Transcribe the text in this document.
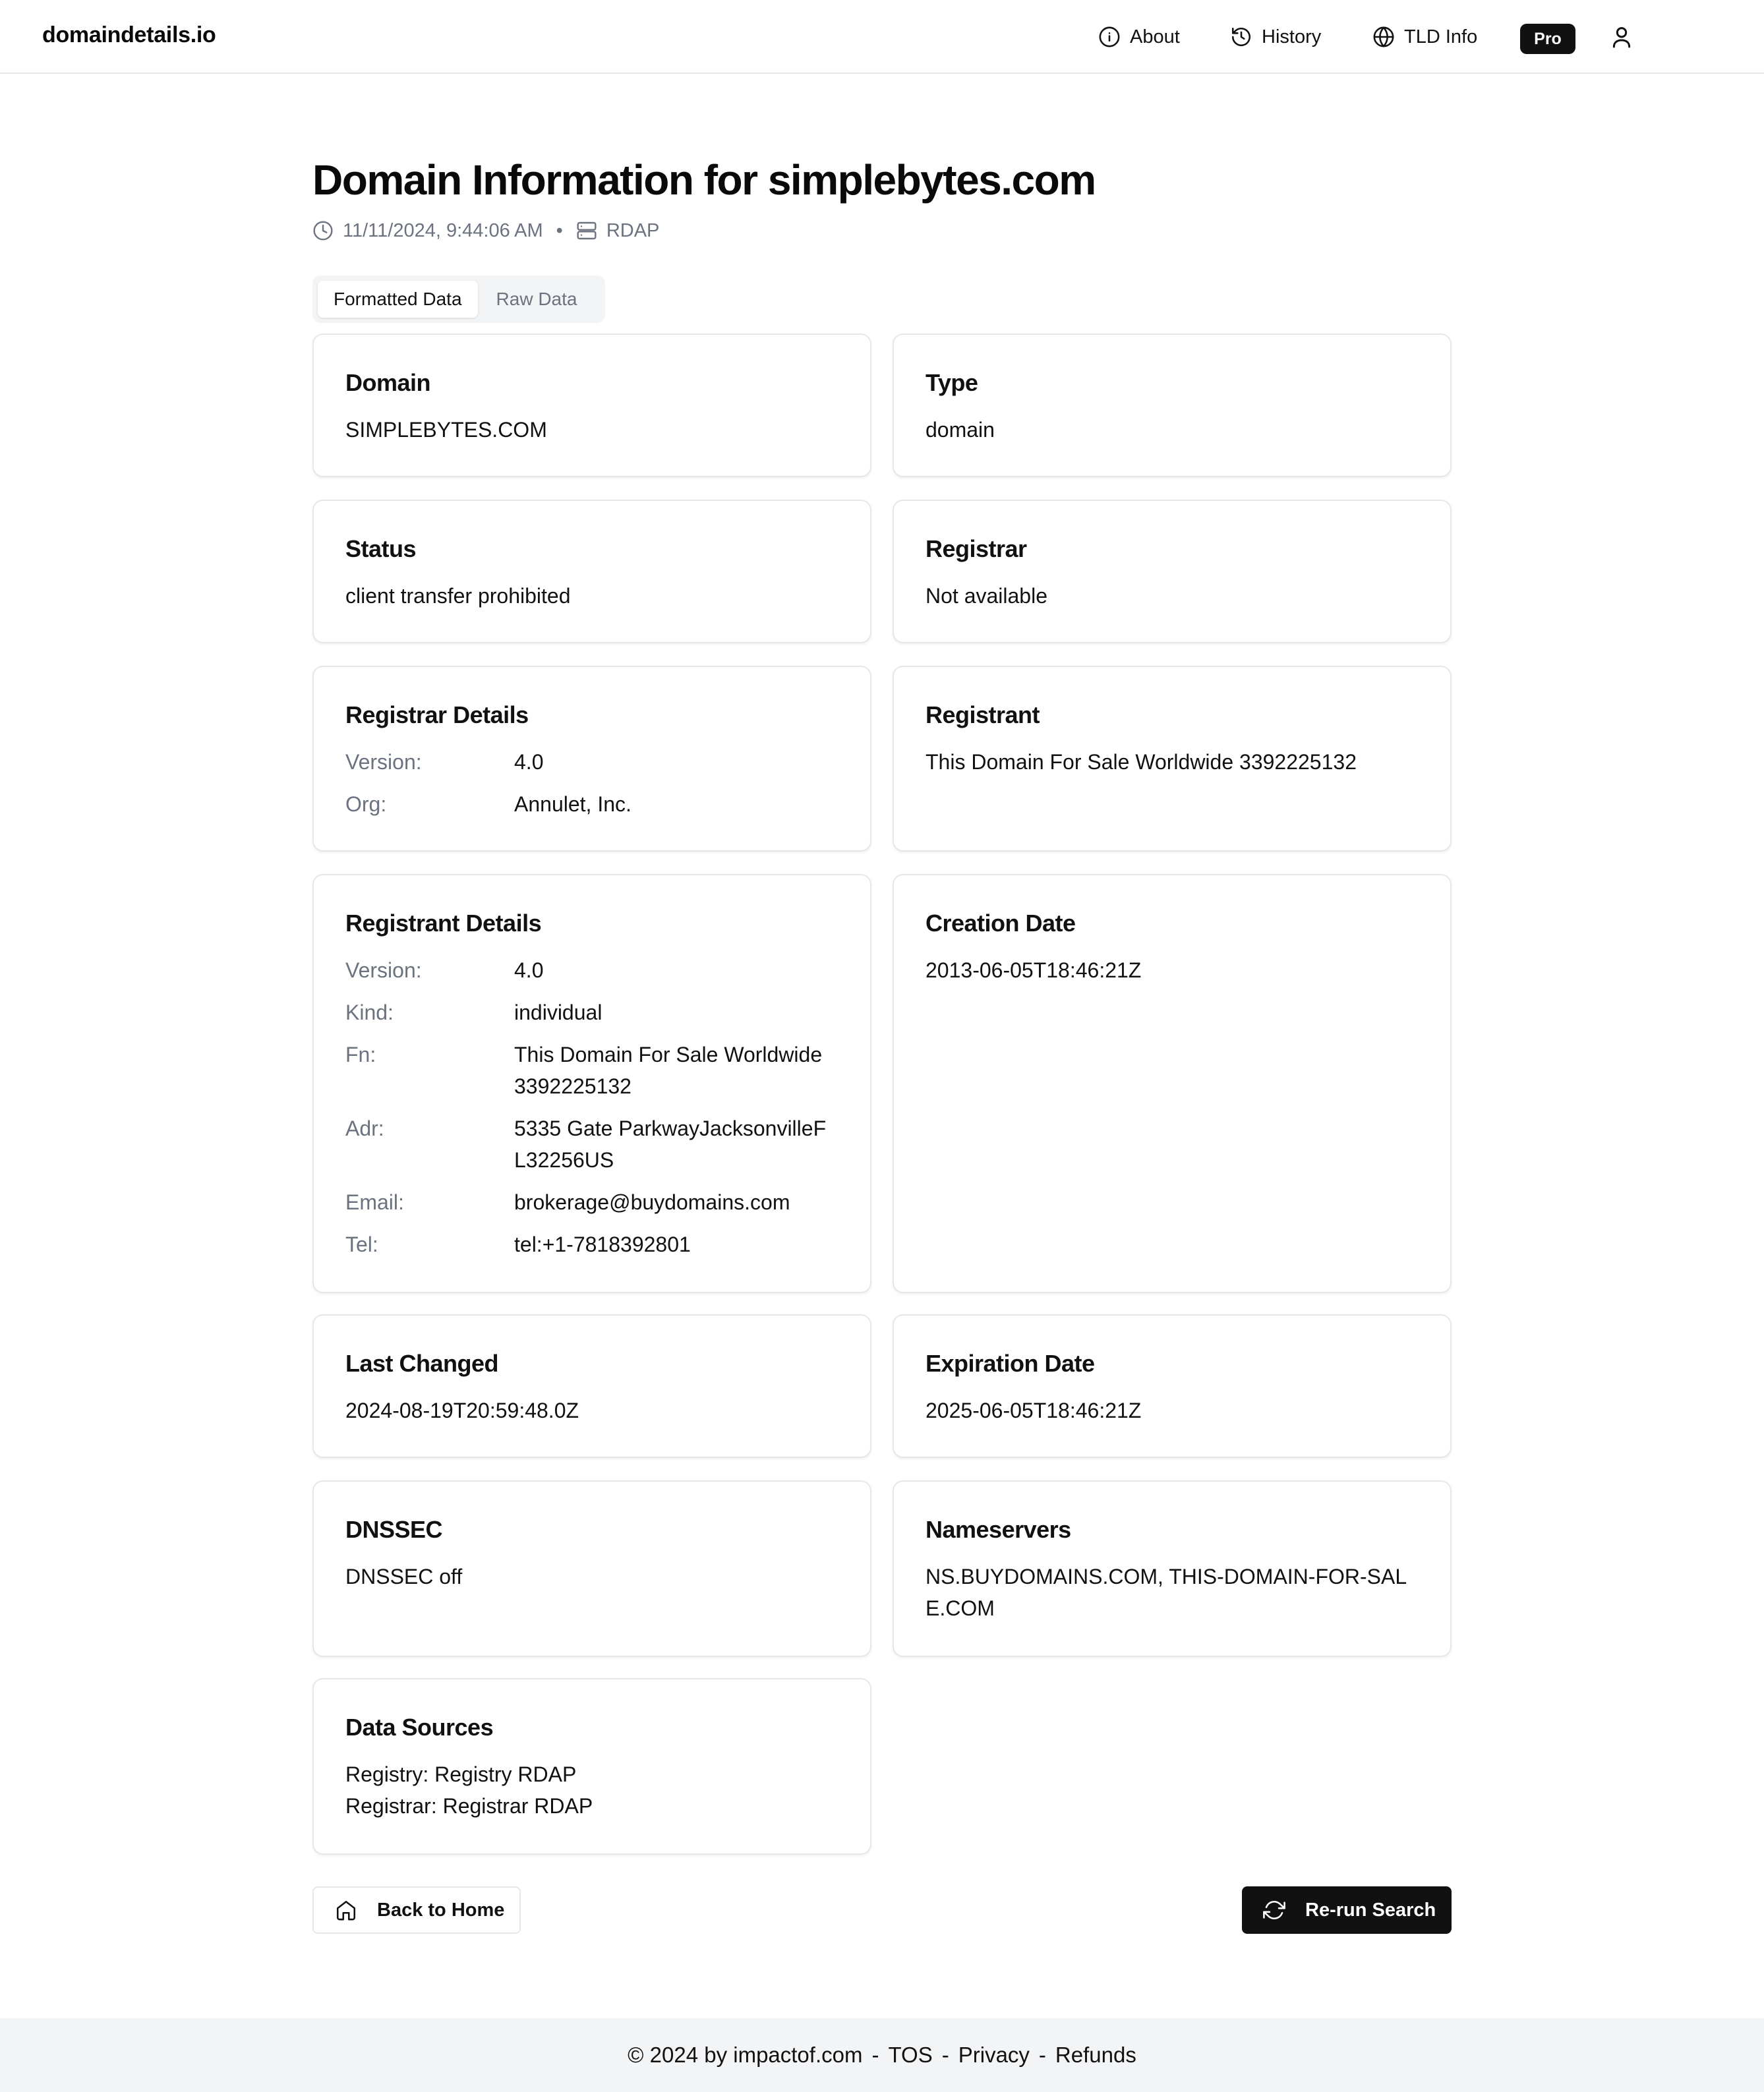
domaindetails.io	About	History	TLD Info	Pro
Domain Information for simplebytes.com
11/11/2024, 9:44:06 AM • RDAP
Formatted Data	Raw Data
Domain
SIMPLEBYTES.COM
Type
domain
Status
client transfer prohibited
Registrar
Not available
Registrar Details
Version:	4.0
Org:	Annulet, Inc.
Registrant
This Domain For Sale Worldwide 3392225132
Registrant Details
Version:	4.0
Kind:	individual
Fn:	This Domain For Sale Worldwide 3392225132
Adr:	5335 Gate ParkwayJacksonvilleFL32256US
Email:	brokerage@buydomains.com
Tel:	tel:+1-7818392801
Creation Date
2013-06-05T18:46:21Z
Last Changed
2024-08-19T20:59:48.0Z
Expiration Date
2025-06-05T18:46:21Z
DNSSEC
DNSSEC off
Nameservers
NS.BUYDOMAINS.COM, THIS-DOMAIN-FOR-SALE.COM
Data Sources
Registry: Registry RDAP
Registrar: Registrar RDAP
Back to Home	Re-run Search
© 2024 by impactof.com - TOS - Privacy - Refunds
